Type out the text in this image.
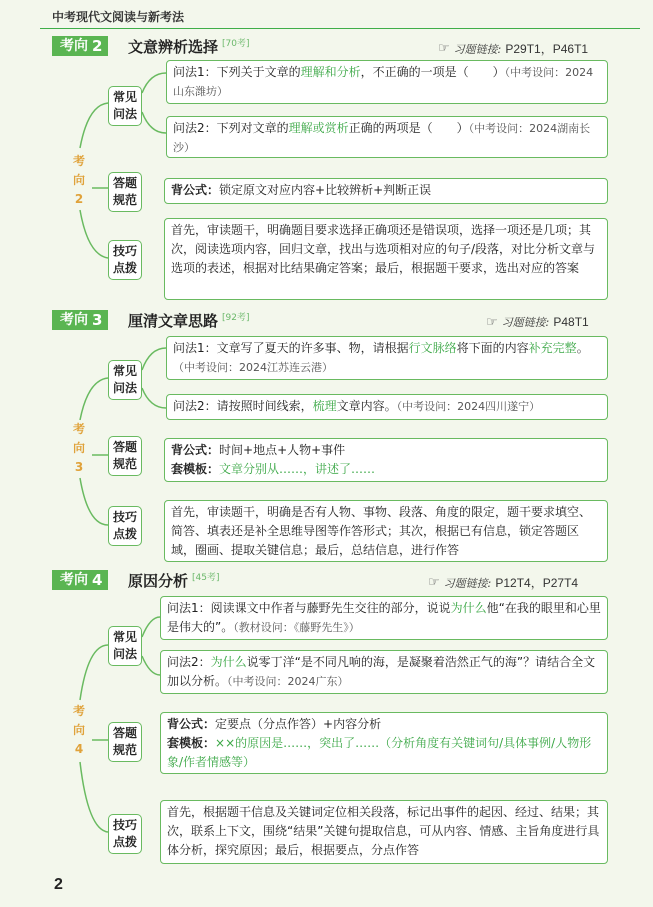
中考现代文阅读与新考法
考向 2 文意辨析选择 [70考]	☞ 习题链接: P29T1，P46T1
考
向
2
常见
问法
答题
规范
技巧
点拨
问法1：下列关于文章的理解和分析，不正确的一项是（　　）（中考设问：2024山东潍坊）
问法2：下列对文章的理解或赏析正确的两项是（　　）（中考设问：2024湖南长沙）
背公式：锁定原文对应内容+比较辨析+判断正误
首先，审读题干，明确题目要求选择正确项还是错误项，选择一项还是几项；其次，阅读选项内容，回归文章，找出与选项相对应的句子/段落，对比分析文章与选项的表述，根据对比结果确定答案；最后，根据题干要求，选出对应的答案
考向 3 厘清文章思路 [92考]	☞ 习题链接: P48T1
考
向
3
常见
问法
答题
规范
技巧
点拨
问法1：文章写了夏天的许多事、物，请根据行文脉络将下面的内容补充完整。（中考设问：2024江苏连云港）
问法2：请按照时间线索，梳理文章内容。（中考设问：2024四川遂宁）
背公式：时间+地点+人物+事件
套模板：文章分别从……，讲述了……
首先，审读题干，明确是否有人物、事物、段落、角度的限定，题干要求填空、简答、填表还是补全思维导图等作答形式；其次，根据已有信息，锁定答题区域，圈画、提取关键信息；最后，总结信息，进行作答
考向 4 原因分析 [45考]	☞ 习题链接: P12T4，P27T4
考
向
4
常见
问法
答题
规范
技巧
点拨
问法1：阅读课文中作者与藤野先生交往的部分，说说为什么他“在我的眼里和心里是伟大的”。（教材设问：《藤野先生》）
问法2：为什么说零丁洋“是不同凡响的海，是凝聚着浩然正气的海”？请结合全文加以分析。（中考设问：2024广东）
背公式：定要点（分点作答）+内容分析
套模板：××的原因是……，突出了……（分析角度有关键词句/具体事例/人物形象/作者情感等）
首先，根据题干信息及关键词定位相关段落，标记出事件的起因、经过、结果；其次，联系上下文，围绕“结果”关键句提取信息，可从内容、情感、主旨角度进行具体分析，探究原因；最后，根据要点，分点作答
2
